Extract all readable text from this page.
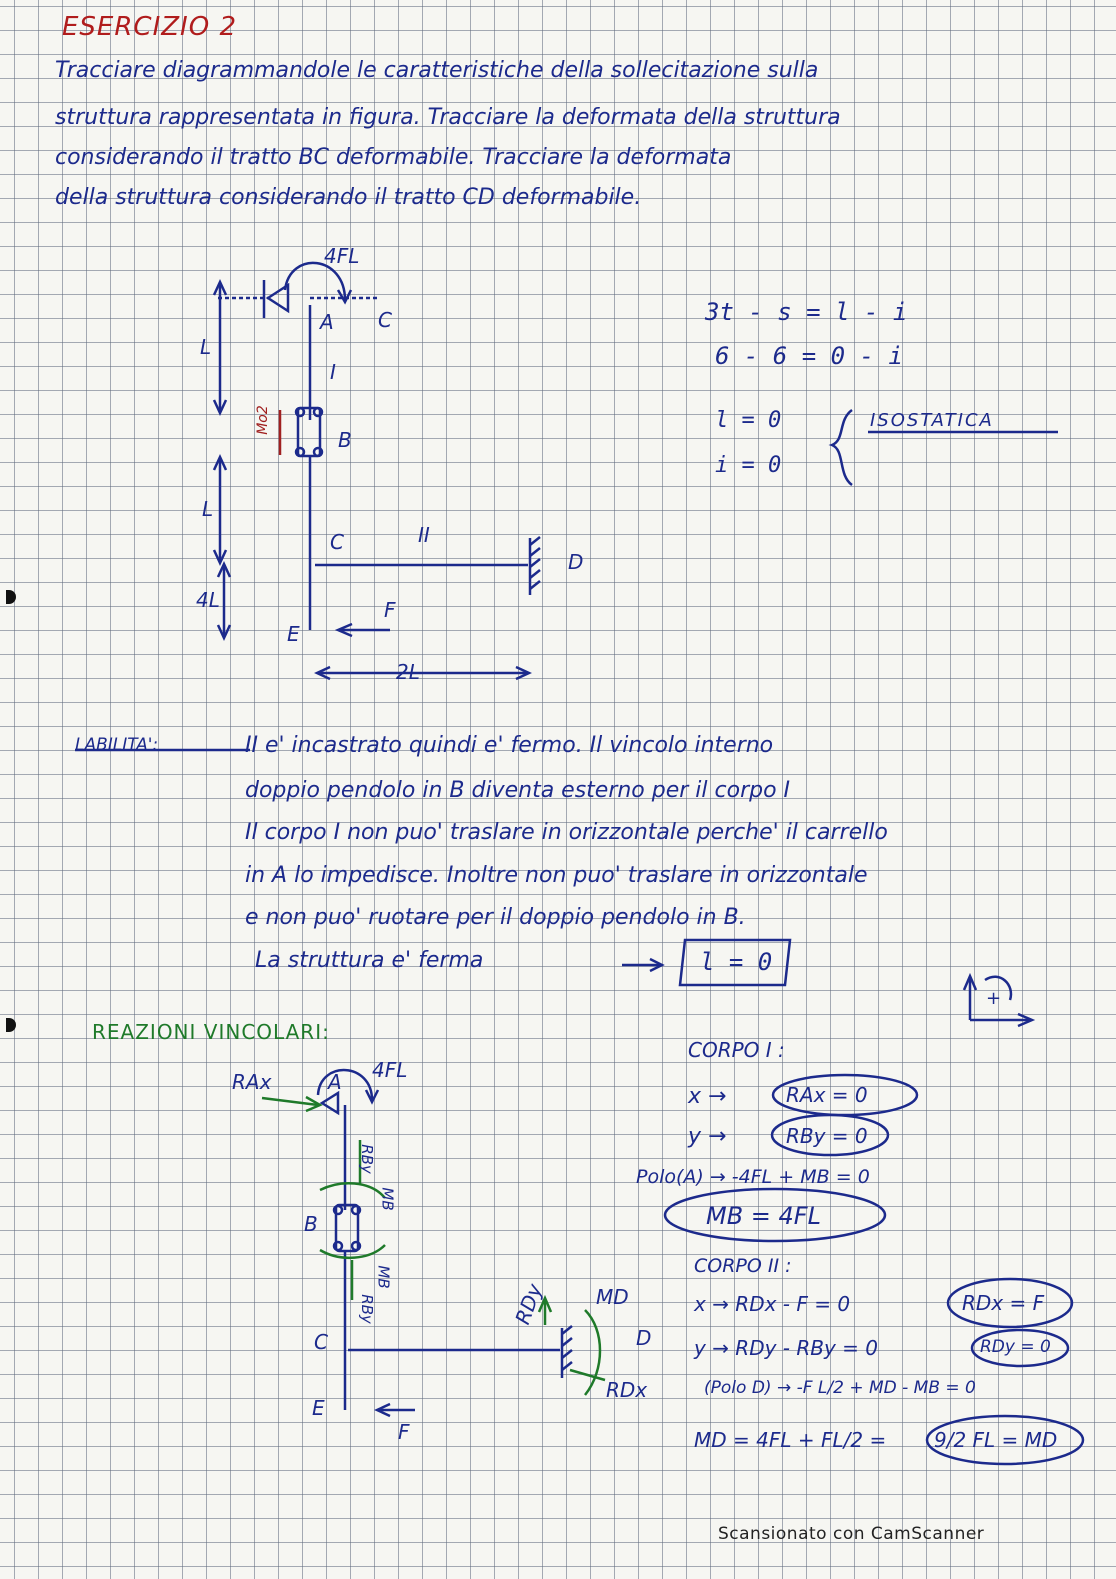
ESERCIZIO 2
Tracciare diagrammandole le caratteristiche della sollecitazione sulla
struttura rappresentata in figura. Tracciare la deformata della struttura
considerando il tratto BC deformabile. Tracciare la deformata
della struttura considerando il tratto CD deformabile.
4FL
A C
I
B
C	II
D
E
F
L
L
4L
2L
Mo2
3t - s = l - i
6 - 6 = 0 - i
l = 0
i = 0
ISOSTATICA
LABILITA':	II e' incastrato quindi e' fermo. Il vincolo interno
doppio pendolo in B diventa esterno per il corpo I
Il corpo I non puo' traslare in orizzontale perche' il carrello
in A lo impedisce. Inoltre non puo' traslare in orizzontale
e non puo' ruotare per il doppio pendolo in B.
La struttura e' ferma	l = 0
REAZIONI VINCOLARI:
+
RAx	A 4FL
RBy
MB
B
MB
RBy
C
RDy MD
D
RDx
E
F
CORPO I :
x →	RAx = 0
y →	RBy = 0
Polo(A) → -4FL + MB = 0
MB = 4FL
CORPO II :
x → RDx - F = 0	RDx = F
y → RDy - RBy = 0	RDy = 0
(Polo D) → -F L/2 + MD - MB = 0
MD = 4FL + FL/2 = 9/2 FL = MD
Scansionato con CamScanner
